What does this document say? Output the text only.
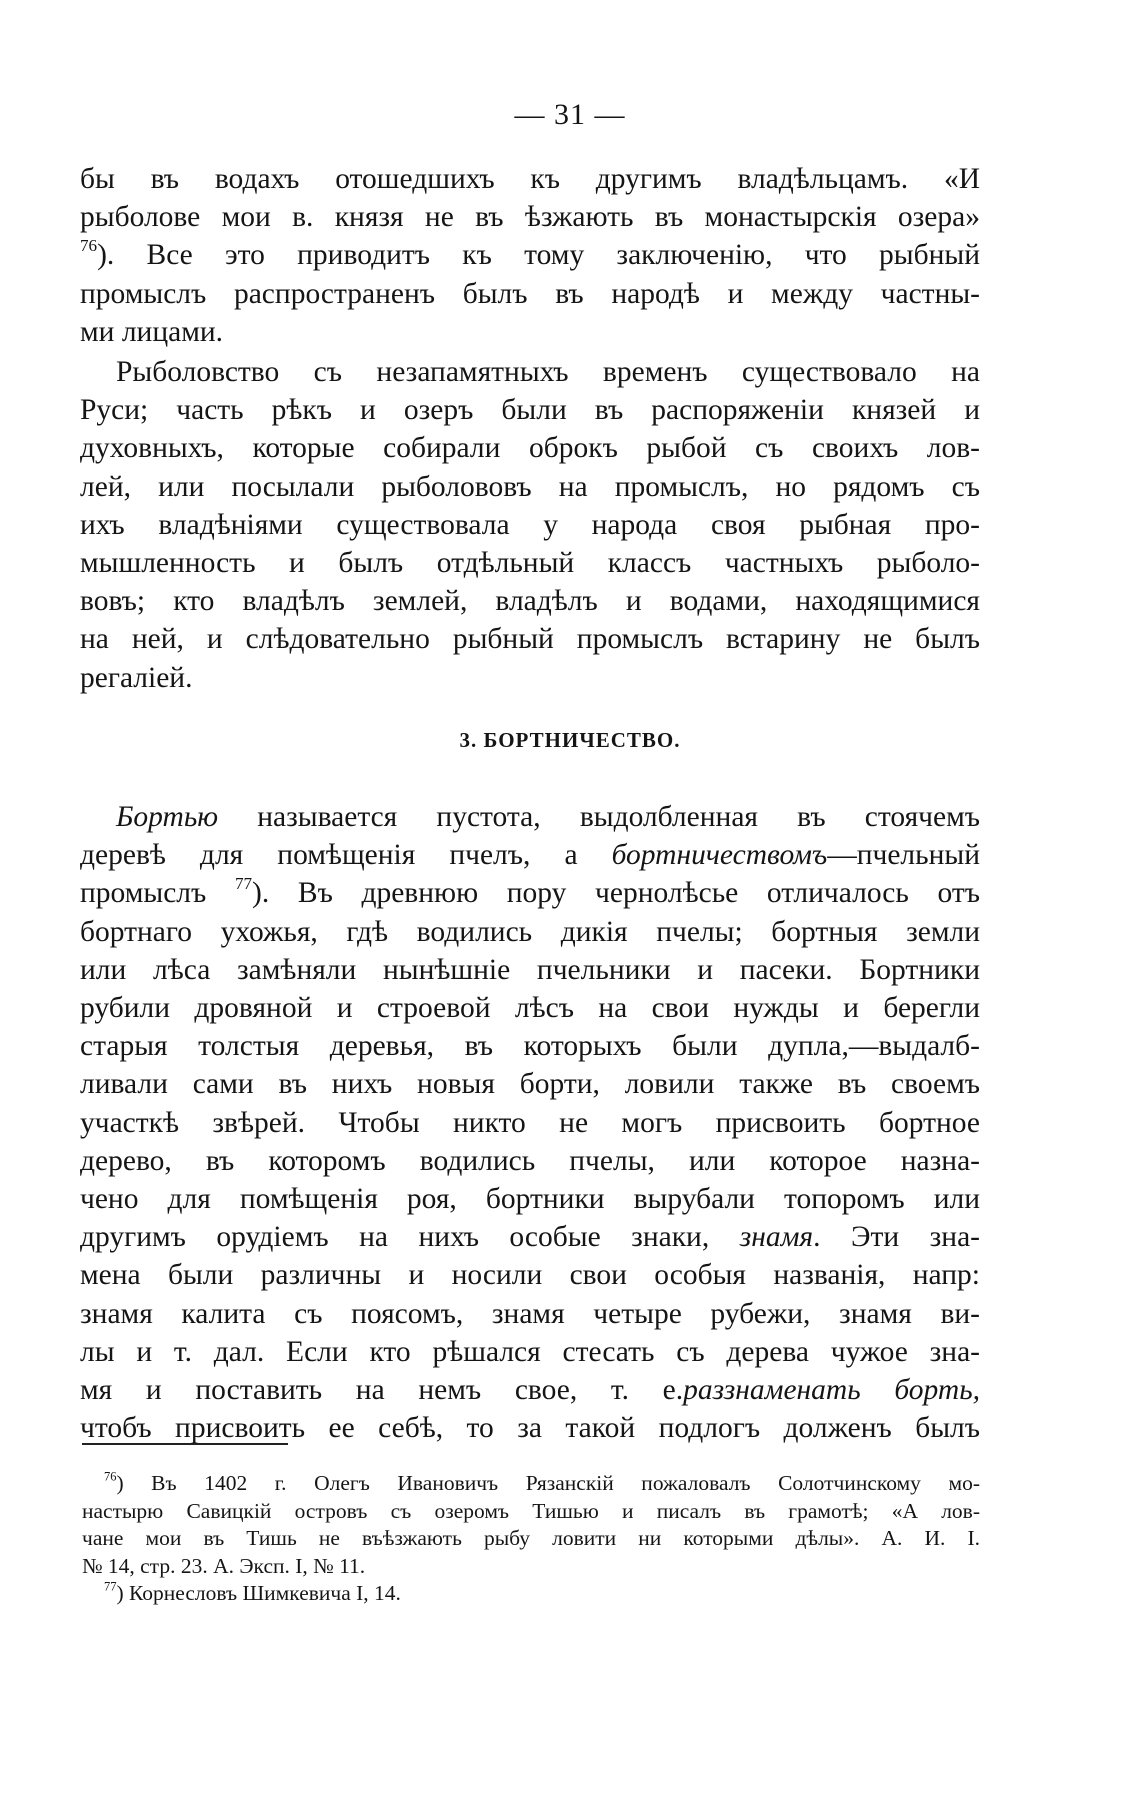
— 31 —
бы въ водахъ отошедшихъ къ другимъ владѣльцамъ. «И
рыболове мои в. князя не въ ѣзжають въ монастырскія озера»
$^{76}$). Все это приводитъ къ тому заключенію, что рыбный
промыслъ распространенъ былъ въ народѣ и между частны-
ми лицами.
Рыболовство съ незапамятныхъ временъ существовало на
Руси; часть рѣкъ и озеръ были въ распоряженіи князей и
духовныхъ, которые собирали оброкъ рыбой съ своихъ лов-
лей, или посылали рыболововъ на промыслъ, но рядомъ съ
ихъ владѣніями существовала у народа своя рыбная про-
мышленность и былъ отдѣльный классъ частныхъ рыболо-
вовъ; кто владѣлъ землей, владѣлъ и водами, находящимися
на ней, и слѣдовательно рыбный промыслъ встарину не былъ
регаліей.
3. БОРТНИЧЕСТВО.
Бортью называется пустота, выдолбленная въ стоячемъ
деревѣ для помѣщенія пчелъ, а бортничествомъ—пчельный
промыслъ $^{77}$). Въ древнюю пору чернолѣсье отличалось отъ
бортнаго ухожья, гдѣ водились дикія пчелы; бортныя земли
или лѣса замѣняли нынѣшніе пчельники и пасеки. Бортники
рубили дровяной и строевой лѣсъ на свои нужды и берегли
старыя толстыя деревья, въ которыхъ были дупла,—выдалб-
ливали сами въ нихъ новыя борти, ловили также въ своемъ
участкѣ звѣрей. Чтобы никто не могъ присвоить бортное
дерево, въ которомъ водились пчелы, или которое назна-
чено для помѣщенія роя, бортники вырубали топоромъ или
другимъ орудіемъ на нихъ особые знаки, знамя. Эти зна-
мена были различны и носили свои особыя названія, напр:
знамя калита съ поясомъ, знамя четыре рубежи, знамя ви-
лы и т. дал. Если кто рѣшался стесать съ дерева чужое зна-
мя и поставить на немъ свое, т. е.раззнаменать борть,
чтобъ присвоить ее себѣ, то за такой подлогъ долженъ былъ
$^{76}$) Въ 1402 г. Олегъ Ивановичъ Рязанскій пожаловалъ Солотчинскому мо-
настырю Савицкій островъ съ озеромъ Тишью и писалъ въ грамотѣ; «А лов-
чане мои въ Тишь не въѣзжають рыбу ловити ни которыми дѣлы». А. И. I.
№ 14, стр. 23. А. Эксп. I, № 11.
$^{77}$) Корнесловъ Шимкевича I, 14.
